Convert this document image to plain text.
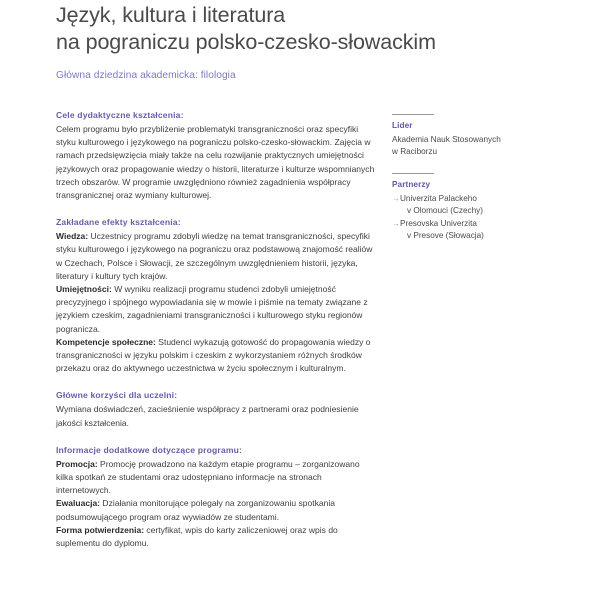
Język, kultura i literatura
na pograniczu polsko-czesko-słowackim

Główna dziedzina akademicka: filologia

Cele dydaktyczne kształcenia:

Celem programu było przybliżenie problematyki transgraniczności oraz specyfiki styku kulturowego i językowego na pograniczu polsko-czesko-słowackim. Zajęcia w ramach przedsięwzięcia miały także na celu rozwijanie praktycznych umiejętności językowych oraz propagowanie wiedzy o historii, literaturze i kulturze wspomnianych trzech obszarów. W programie uwzględniono również zagadnienia współpracy transgranicznej oraz wymiany kulturowej.

Zakładane efekty kształcenia:

Wiedza: Uczestnicy programu zdobyli wiedzę na temat transgraniczności, specyfiki styku kulturowego i językowego na pograniczu oraz podstawową znajomość realiów w Czechach, Polsce i Słowacji, ze szczególnym uwzględnieniem historii, języka, literatury i kultury tych krajów.

Umiejętności: W wyniku realizacji programu studenci zdobyli umiejętność precyzyjnego i spójnego wypowiadania się w mowie i piśmie na tematy związane z językiem czeskim, zagadnieniami transgraniczności i kulturowego styku regionów pogranicza.

Kompetencje społeczne: Studenci wykazują gotowość do propagowania wiedzy o transgraniczności w języku polskim i czeskim z wykorzystaniem różnych środków przekazu oraz do aktywnego uczestnictwa w życiu społecznym i kulturalnym.

Główne korzyści dla uczelni:

Wymiana doświadczeń, zacieśnienie współpracy z partnerami oraz podniesienie jakości kształcenia.

Informacje dodatkowe dotyczące programu:

Promocja: Promocję prowadzono na każdym etapie programu – zorganizowano kilka spotkań ze studentami oraz udostępniano informacje na stronach internetowych.

Ewaluacja: Działania monitorujące polegały na zorganizowaniu spotkania podsumowującego program oraz wywiadów ze studentami.

Forma potwierdzenia: certyfikat, wpis do karty zaliczeniowej oraz wpis do suplementu do dyplomu.

Lider

Akademia Nauk Stosowanych

w Raciborzu

Partnerzy
→ Univerzita Palackeho
v Olomouci (Czechy)
→ Presovska Univerzita
v Presove (Słowacja)
